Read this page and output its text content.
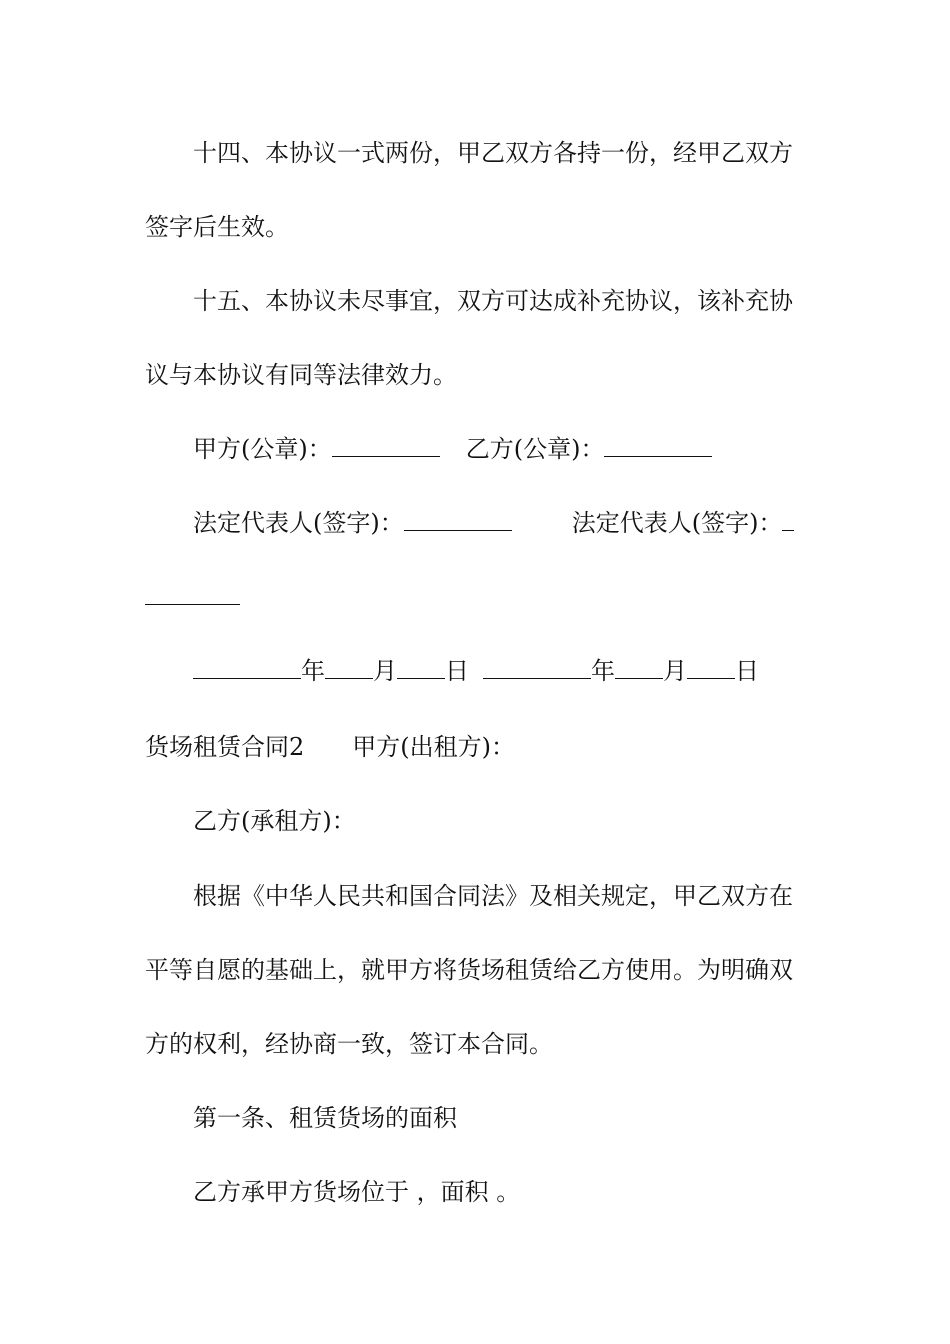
十四、本协议一式两份，甲乙双方各持一份，经甲乙双方
签字后生效。
十五、本协议未尽事宜，双方可达成补充协议，该补充协
议与本协议有同等法律效力。
甲方(公章)：	乙方(公章)：
法定代表人(签字)：	法定代表人(签字)：
年 月 日	年 月 日
货场租赁合同2 甲方(出租方)：
乙方(承租方)：
根据《中华人民共和国合同法》及相关规定，甲乙双方在
平等自愿的基础上，就甲方将货场租赁给乙方使用。为明确双
方的权利，经协商一致，签订本合同。
第一条、租赁货场的面积
乙方承甲方货场位于 ，面积 。
